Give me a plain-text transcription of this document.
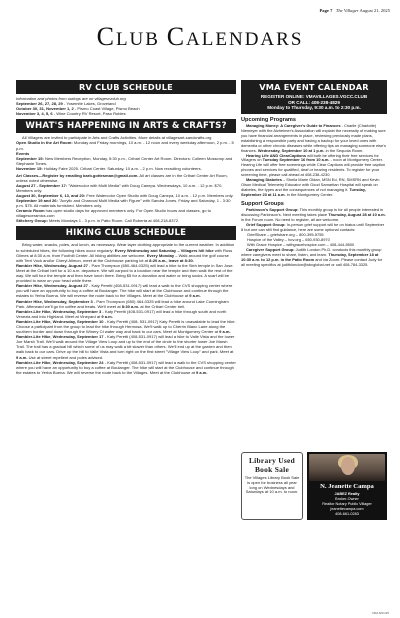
Page 7 The Villager August 21, 2025
CLUB CALENDARS
RV CLUB SCHEDULE

Information and photos from outings are on villagesrvclub.org

September 26, 27, 28, 29 - Yosemite Lakes, Groveland

October 30, 31, November 1, 2 - Pismo Coast Village, Pismo Beach

November 3, 4, 5, 6 - Wine Country RV Resort, Paso Robles

WHAT'S HAPPENING IN ARTS & CRAFTS?

All Villagers are invited to participate in Arts and Crafts Activities. More details at villagesart-sandcrafts.org

Open Studio in the Art Room: Monday and Friday mornings, 10 a.m. - 12 noon and every weekday afternoon, 2 p.m. - 5 p.m.

Events

September 15: New Members Reception, Monday, 5:30 p.m., Cribari Center Art Room. Directors: Colleen Mosscrop and Stephanie Tones.

November 15: Holiday Faire 2025. Cribari Center. Saturday, 10 a.m. - 2 p.m. Now recruiting volunteers.

Art Classes—Register by emailing barb.gottesman@gmail.com. All art classes are in the Cribari Center Art Room, unless noted otherwise.

August 27 - September 17: "Watercolor with Multi Media" with Doug Canepa. Wednesdays, 10 a.m. - 12 p.m. $70. Members only.

August 30, September 6, 13, and 20: Free Watercolor Open Studio with Doug Canepa, 10 a.m. - 12 p.m. Members only.

September 19 and 26: "Acrylic and Charcoal Multi Media with Figure" with Sandra Jones. Friday and Saturday, 1 - 3:30 p.m. $75. All materials furnished. Members only.

Ceramic Room has open studio days for approved members only. For Open Studio hours and classes, go to villagesceramics.com

Stitchery Group: Meets Mondays 1 - 3 p.m. in Patio Room. Call Roberta at 408-218-8372.

HIKING CLUB SCHEDULE

Bring water, snacks, poles, and lunch, as necessary. Wear layer clothing appropriate to the current weather. In addition to scheduled hikes, the following hikes occur regularly: Every Wednesday and Saturday – Villagers hill hike with Russ Gilmes at 8:30 a.m. from Foothill Center. All hiking abilities are welcome. Every Monday – Walk around the golf course with Terri Vock and/or Cheryl Allmon, meet at the Clubhouse parking lot at 8:20 a.m., leave at 8:30.

Rambler Hike, Wednesday, August 27 - Pam Thompson (650-464-0325) will lead a hike to the Sieh temple in San Jose. Meet at the Cribari bell for a 10 a.m. departure. We will carpool to a location near the temple and then walk the rest of the way. We will tour the temple and then have lunch there. Bring $5 for a donation and water or bring socks. A scarf will be provided to wear on your head while there.

Rambler Hike, Wednesday, August 27 - Katy Peretti (408-531-0917) will lead a walk to the CVS shopping center where you will have an opportunity to buy a coffee at Boulanger. The hike will start at the Clubhouse and continue through the estates to Yerba Buena. We will reverse the route back to the Villages. Meet at the Clubhouse at 9 a.m.

Rambler Hike, Wednesday, September 3 - Pam Thompson (650) 464-0325 will lead a hike around Lake Cunningham Park. Afterward we'll go for coffee and treats. We'll meet at 8:30 a.m. at the Cribari Center bell.

Rambler-Lite Hike, Wednesday, September 3 - Katy Peretti (408-531-0917) will lead a hike through south and north Venezia and into Highland. Meet at Vineyard at 9 a.m.

Rambler-Lite Hike, Wednesday, September 10 - Katy Peretti (408- 531-0917) Katy Peretti is unavailable to lead the hike. Choose a participant from the group to lead the hike through Hermosa. We'll walk up to Cherrin Blanc Lane along the southern border and down through the Winery Ct water way and back to our cars. Meet at Montgomery Center at 9 a.m.

Rambler-Lite Hike, Wednesday, September 17 - Katy Peretti (408-531-0917) will lead a hike to Valle Vista and the lower Joe Marsh Trail. We'll walk around the Village View Loop and up to the end of the circle to the shorter lower Joe Marsh Trail. The trail has a gradual hill which some of us may walk a bit slower than others. We'll end up at the garden and then walk back to our cars. Drive up the hill to Valle Vista and turn right on the first street "Village View Loop" and park. Meet at 9 a.m. Use at street repellent and poles advised.

Rambler-Lite Hike, Wednesday, September 24 - Katy Peretti (408-531-0917) will lead a walk to the CVS shopping center where you will have an opportunity to buy a coffee at Boulanger. The hike will start at the Clubhouse and continue through the estates to Yerba Buena. We will reverse the route back to the Villages. Meet at the Clubhouse at 9 a.m.

VMA EVENT CALENDAR
REGISTER ONLINE: VMAVILLAGES.VGCC.CLUB
OR CALL: 408-238-4829
Monday to Thursday, 9:30 a.m. to 2:30 p.m.
Upcoming Programs

Managing Money: A Caregiver's Guide to Finances - Charlie (Charlotte) Niemeyer with the Alzheimer's Association will explain the necessity of making sure you have financial arrangements in place, reviewing previously made plans, establishing a responsible party and having a backup for your loved ones with dementia or other chronic diseases while offering tips on managing someone else's finances. Wednesday, September 10 at 1 p.m. in the Sequoia Room.

Hearing Life AND ClearCaptions will both be offering their free services for Villagers on Tuesday September 16 from 10 a.m. - noon at Montgomery Center. Hearing Life will offer free screenings while Clear Captions will provide free caption phones and services for qualified, deaf or hearing residents. To register for your screening time, please call ahead at 408-238-4230.

Managing Diabetes – Sheila Marie Oldan, MSN Ed, RN, SMSRN and Kevin Olson Medical Telemetry Educator with Good Samaritan Hospital will speak on diabetes, the types and the consequences of not managing it. Tuesday, September 23 at 11 a.m. in the Montgomery Center.

Support Groups

Parkinson's Support Group: This monthly group is for all people interested in discussing Parkinson's. Next meeting takes place Thursday, August 28 at 10 a.m. in the Forum room. No need to register, all are welcome.

Grief Support Group: In-person grief support will be on hiatus until September 8 but one can still find guidance, here are some optional contacts:

GriefShare – griefshare.org – 800-395-5755

Hospice of the Valley – hov.org – 650-930-8970

With Grace Hospice – withgracehospice.com – 408-444-5500

Caregiver Support Group: Judith London Ph.D. conducts this monthly group where caregivers meet to share, listen, and learn. Thursday, September 18 at 10:30 a.m. to 12 p.m. in the Patio Room and via Zoom. Please contact Judy for all meeting specifics at judithlondon@sbcglobal.net or call 408-784-3325.

Library Used
Book Sale
The Villages Library Book Sale is open for business all year long on Wednesdays and Saturdays at 10 a.m. to noon.
N. Jeanette Campa
JABEZ Realty
Broker-Owner
Realtor Notary Public Villager
jeanettecampa.com
408-661-0283
VMA 8/21/25
